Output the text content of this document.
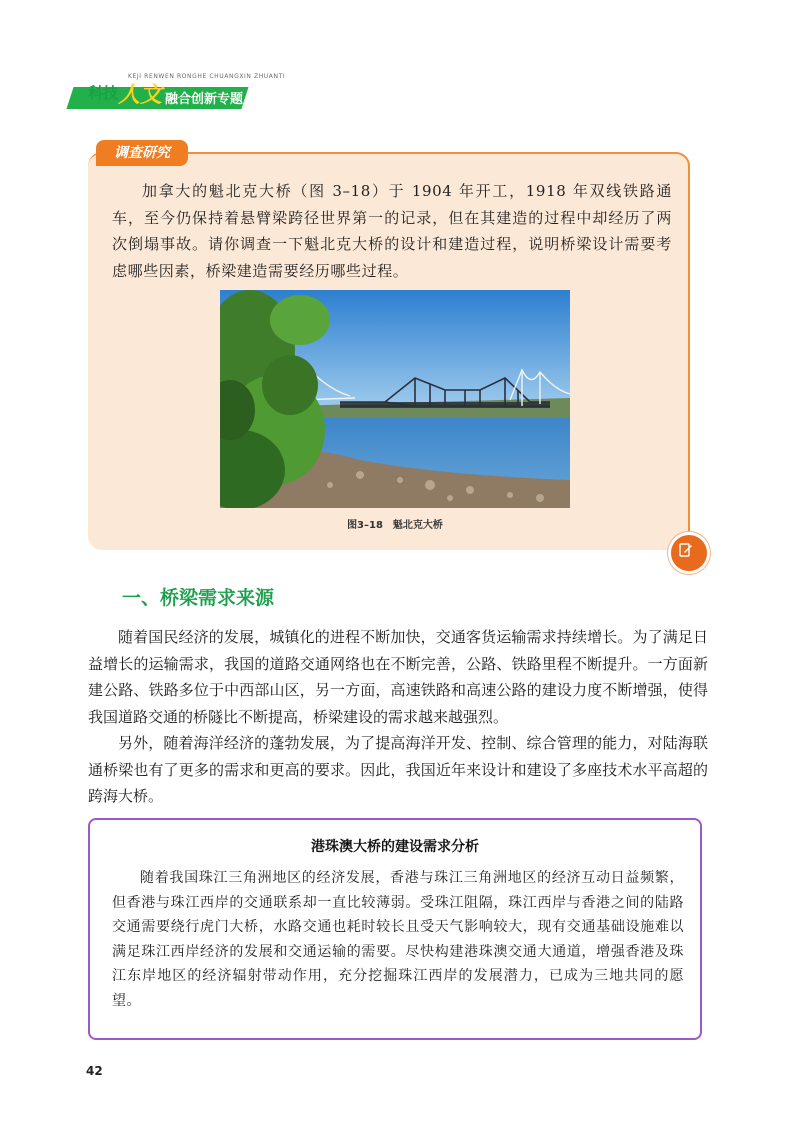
KEJI RENWEN RONGHE CHUANGXIN ZHUANTI
科技 人文 融合创新专题
调查研究
加拿大的魁北克大桥（图 3–18）于 1904 年开工，1918 年双线铁路通车，至今仍保持着悬臂梁跨径世界第一的记录，但在其建造的过程中却经历了两次倒塌事故。请你调查一下魁北克大桥的设计和建造过程，说明桥梁设计需要考虑哪些因素，桥梁建造需要经历哪些过程。
图3–18　魁北克大桥
一、桥梁需求来源

随着国民经济的发展，城镇化的进程不断加快，交通客货运输需求持续增长。为了满足日益增长的运输需求，我国的道路交通网络也在不断完善，公路、铁路里程不断提升。一方面新建公路、铁路多位于中西部山区，另一方面，高速铁路和高速公路的建设力度不断增强，使得我国道路交通的桥隧比不断提高，桥梁建设的需求越来越强烈。

另外，随着海洋经济的蓬勃发展，为了提高海洋开发、控制、综合管理的能力，对陆海联通桥梁也有了更多的需求和更高的要求。因此，我国近年来设计和建设了多座技术水平高超的跨海大桥。

港珠澳大桥的建设需求分析
随着我国珠江三角洲地区的经济发展，香港与珠江三角洲地区的经济互动日益频繁，但香港与珠江西岸的交通联系却一直比较薄弱。受珠江阻隔，珠江西岸与香港之间的陆路交通需要绕行虎门大桥，水路交通也耗时较长且受天气影响较大，现有交通基础设施难以满足珠江西岸经济的发展和交通运输的需要。尽快构建港珠澳交通大通道，增强香港及珠江东岸地区的经济辐射带动作用，充分挖掘珠江西岸的发展潜力，已成为三地共同的愿望。
42
